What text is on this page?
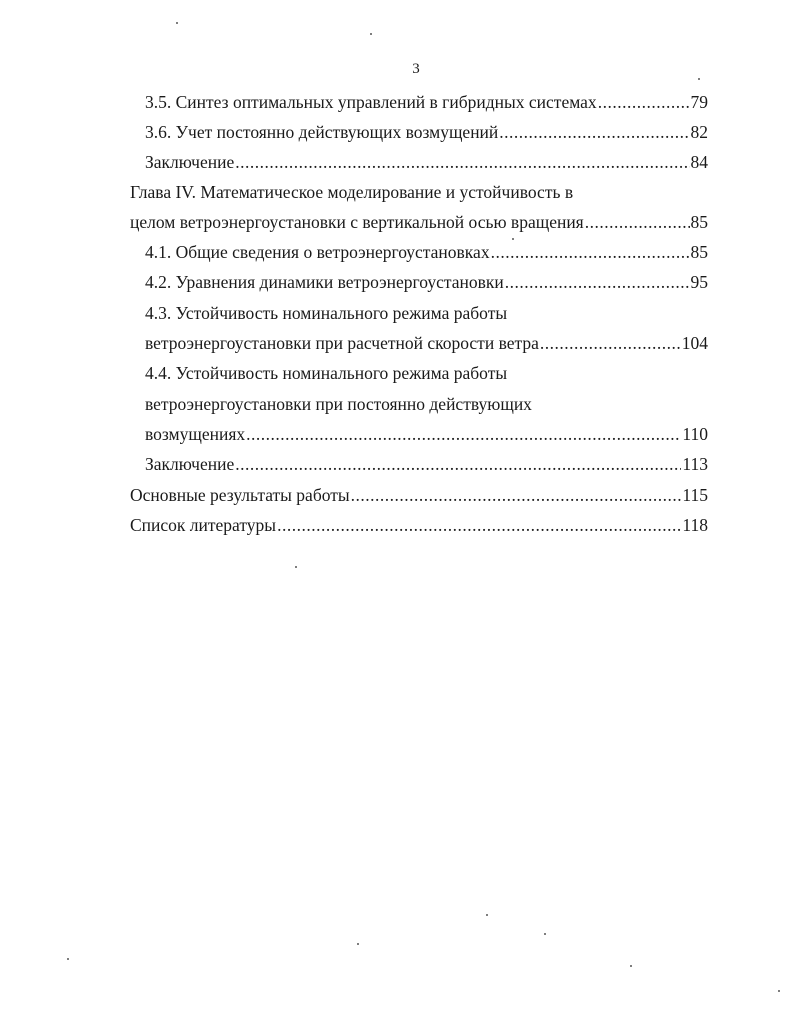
3
3.5. Синтез оптимальных управлений в гибридных системах .....	79
3.6. Учет постоянно действующих возмущений .....	82
Заключение .....	84
Глава IV. Математическое моделирование и устойчивость в
целом ветроэнергоустановки с вертикальной осью вращения .....	85
4.1. Общие сведения о ветроэнергоустановках .....	85
4.2. Уравнения динамики ветроэнергоустановки .....	95
4.3. Устойчивость номинального режима работы
ветроэнергоустановки при расчетной скорости ветра .....	104
4.4. Устойчивость номинального режима работы
ветроэнергоустановки при постоянно действующих
возмущениях .....	110
Заключение .....	113
Основные результаты работы .....	115
Список литературы .....	118
